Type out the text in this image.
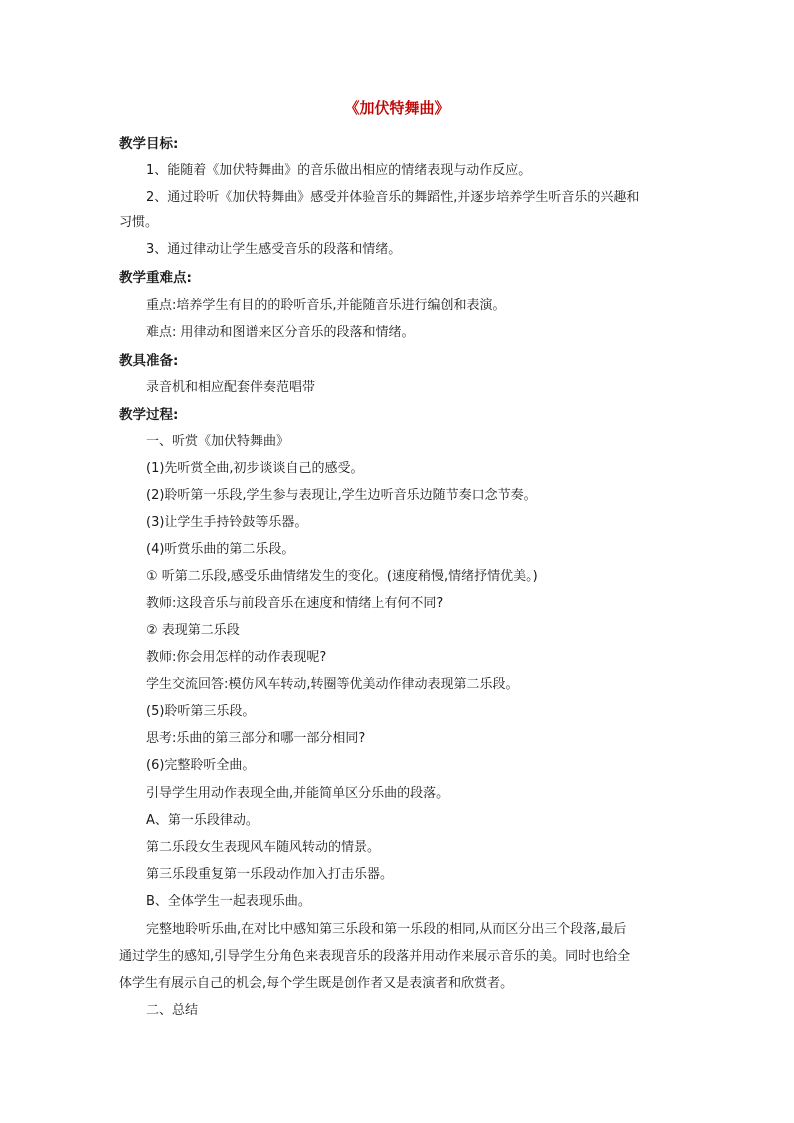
《加伏特舞曲》
教学目标:
1、能随着《加伏特舞曲》的音乐做出相应的情绪表现与动作反应。
2、通过聆听《加伏特舞曲》感受并体验音乐的舞蹈性,并逐步培养学生听音乐的兴趣和
习惯。
3、通过律动让学生感受音乐的段落和情绪。
教学重难点:
重点:培养学生有目的的聆听音乐,并能随音乐进行编创和表演。
难点: 用律动和图谱来区分音乐的段落和情绪。
教具准备:
录音机和相应配套伴奏范唱带
教学过程:
一、听赏《加伏特舞曲》
(1)先听赏全曲,初步谈谈自己的感受。
(2)聆听第一乐段,学生参与表现让,学生边听音乐边随节奏口念节奏。
(3)让学生手持铃鼓等乐器。
(4)听赏乐曲的第二乐段。
① 听第二乐段,感受乐曲情绪发生的变化。(速度稍慢,情绪抒情优美。)
教师:这段音乐与前段音乐在速度和情绪上有何不同?
② 表现第二乐段
教师:你会用怎样的动作表现呢?
学生交流回答:模仿风车转动,转圈等优美动作律动表现第二乐段。
(5)聆听第三乐段。
思考:乐曲的第三部分和哪一部分相同?
(6)完整聆听全曲。
引导学生用动作表现全曲,并能简单区分乐曲的段落。
A、第一乐段律动。
第二乐段女生表现风车随风转动的情景。
第三乐段重复第一乐段动作加入打击乐器。
B、全体学生一起表现乐曲。
完整地聆听乐曲,在对比中感知第三乐段和第一乐段的相同,从而区分出三个段落,最后
通过学生的感知,引导学生分角色来表现音乐的段落并用动作来展示音乐的美。同时也给全
体学生有展示自己的机会,每个学生既是创作者又是表演者和欣赏者。
二、总结
